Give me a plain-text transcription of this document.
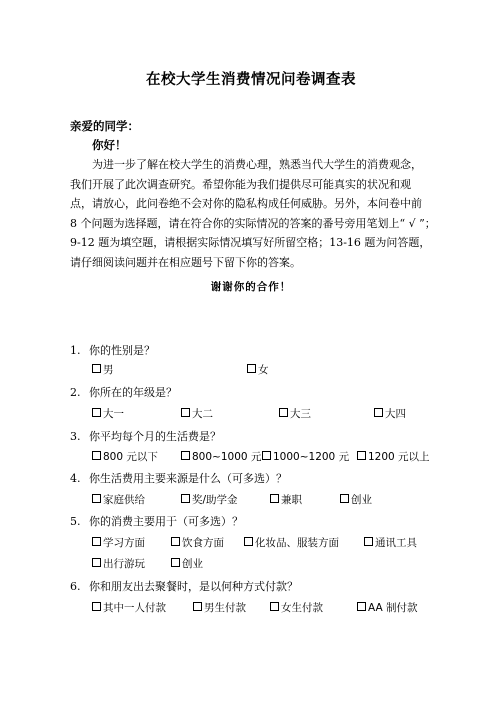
在校大学生消费情况问卷调查表
亲爱的同学：
你好！
为进一步了解在校大学生的消费心理，熟悉当代大学生的消费观念，
我们开展了此次调查研究。希望你能为我们提供尽可能真实的状况和观
点，请放心，此问卷绝不会对你的隐私构成任何威胁。另外，本问卷中前
8 个问题为选择题，请在符合你的实际情况的答案的番号旁用笔划上“ √ ”；
9-12 题为填空题，请根据实际情况填写好所留空格；13-16 题为问答题，
请仔细阅读问题并在相应题号下留下你的答案。
谢谢你的合作！
1. 你的性别是？
男	女
2. 你所在的年级是？
大一	大二	大三	大四
3. 你平均每个月的生活费是？
800 元以下	800~1000 元	1000~1200 元	1200 元以上
4. 你生活费用主要来源是什么（可多选）？
家庭供给	奖/助学金	兼职	创业
5. 你的消费主要用于（可多选）？
学习方面	饮食方面	化妆品、服装方面	通讯工具
出行游玩	创业
6. 你和朋友出去聚餐时，是以何种方式付款？
其中一人付款	男生付款	女生付款	AA 制付款
